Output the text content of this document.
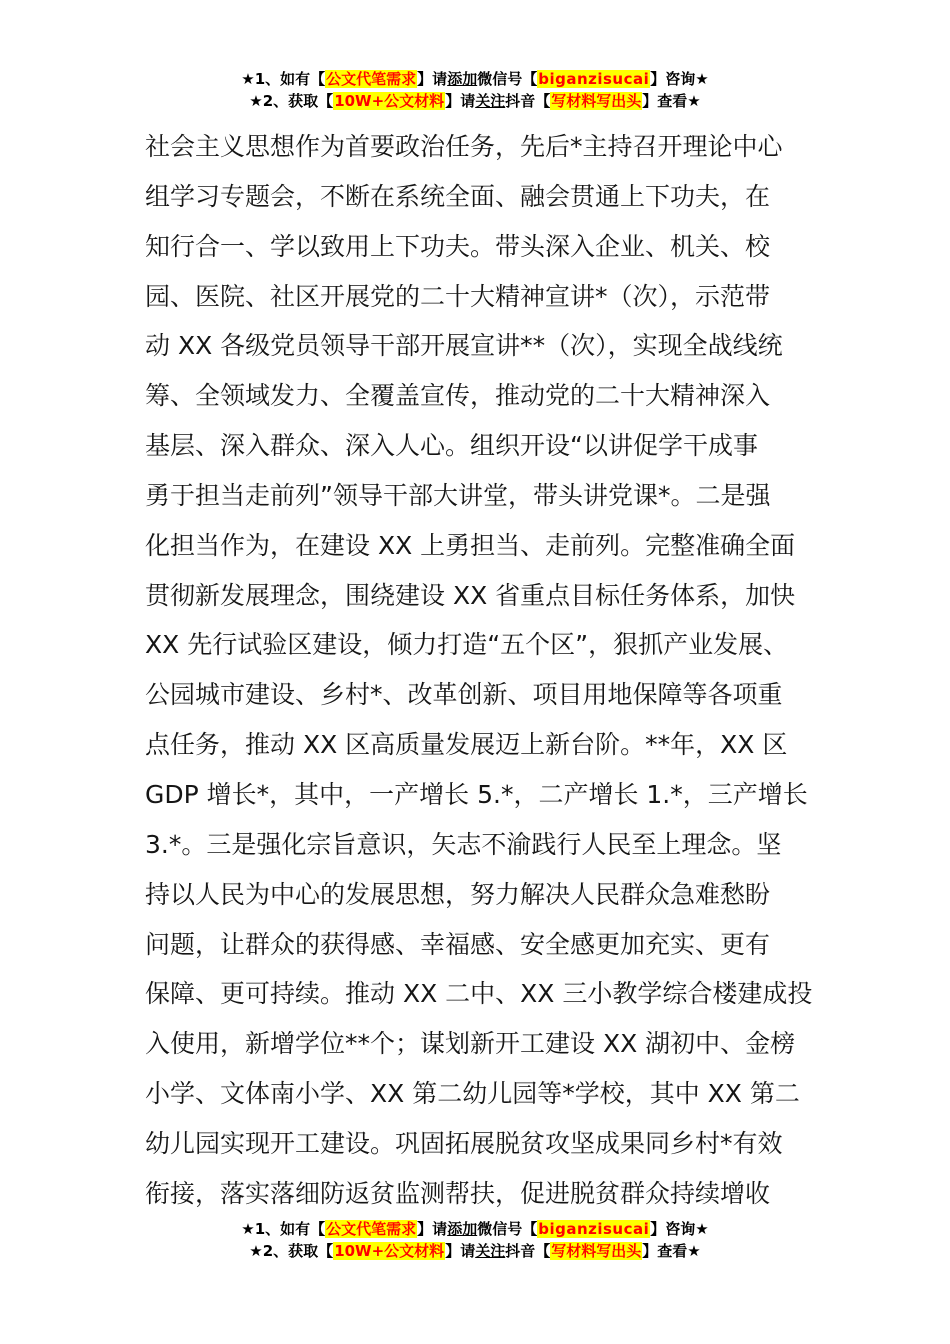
★1、如有【公文代笔需求】请添加微信号【biganzisucai】咨询★
★2、获取【10W+公文材料】请关注抖音【写材料写出头】查看★
社会主义思想作为首要政治任务，先后*主持召开理论中心
组学习专题会，不断在系统全面、融会贯通上下功夫，在
知行合一、学以致用上下功夫。带头深入企业、机关、校
园、医院、社区开展党的二十大精神宣讲*（次），示范带
动 XX 各级党员领导干部开展宣讲**（次），实现全战线统
筹、全领域发力、全覆盖宣传，推动党的二十大精神深入
基层、深入群众、深入人心。组织开设“以讲促学干成事
勇于担当走前列”领导干部大讲堂，带头讲党课*。二是强
化担当作为，在建设 XX 上勇担当、走前列。完整准确全面
贯彻新发展理念，围绕建设 XX 省重点目标任务体系，加快
XX 先行试验区建设，倾力打造“五个区”，狠抓产业发展、
公园城市建设、乡村*、改革创新、项目用地保障等各项重
点任务，推动 XX 区高质量发展迈上新台阶。**年，XX 区
GDP 增长*，其中，一产增长 5.*，二产增长 1.*，三产增长
3.*。三是强化宗旨意识，矢志不渝践行人民至上理念。坚
持以人民为中心的发展思想，努力解决人民群众急难愁盼
问题，让群众的获得感、幸福感、安全感更加充实、更有
保障、更可持续。推动 XX 二中、XX 三小教学综合楼建成投
入使用，新增学位**个；谋划新开工建设 XX 湖初中、金榜
小学、文体南小学、XX 第二幼儿园等*学校，其中 XX 第二
幼儿园实现开工建设。巩固拓展脱贫攻坚成果同乡村*有效
衔接，落实落细防返贫监测帮扶，促进脱贫群众持续增收
★1、如有【公文代笔需求】请添加微信号【biganzisucai】咨询★
★2、获取【10W+公文材料】请关注抖音【写材料写出头】查看★
